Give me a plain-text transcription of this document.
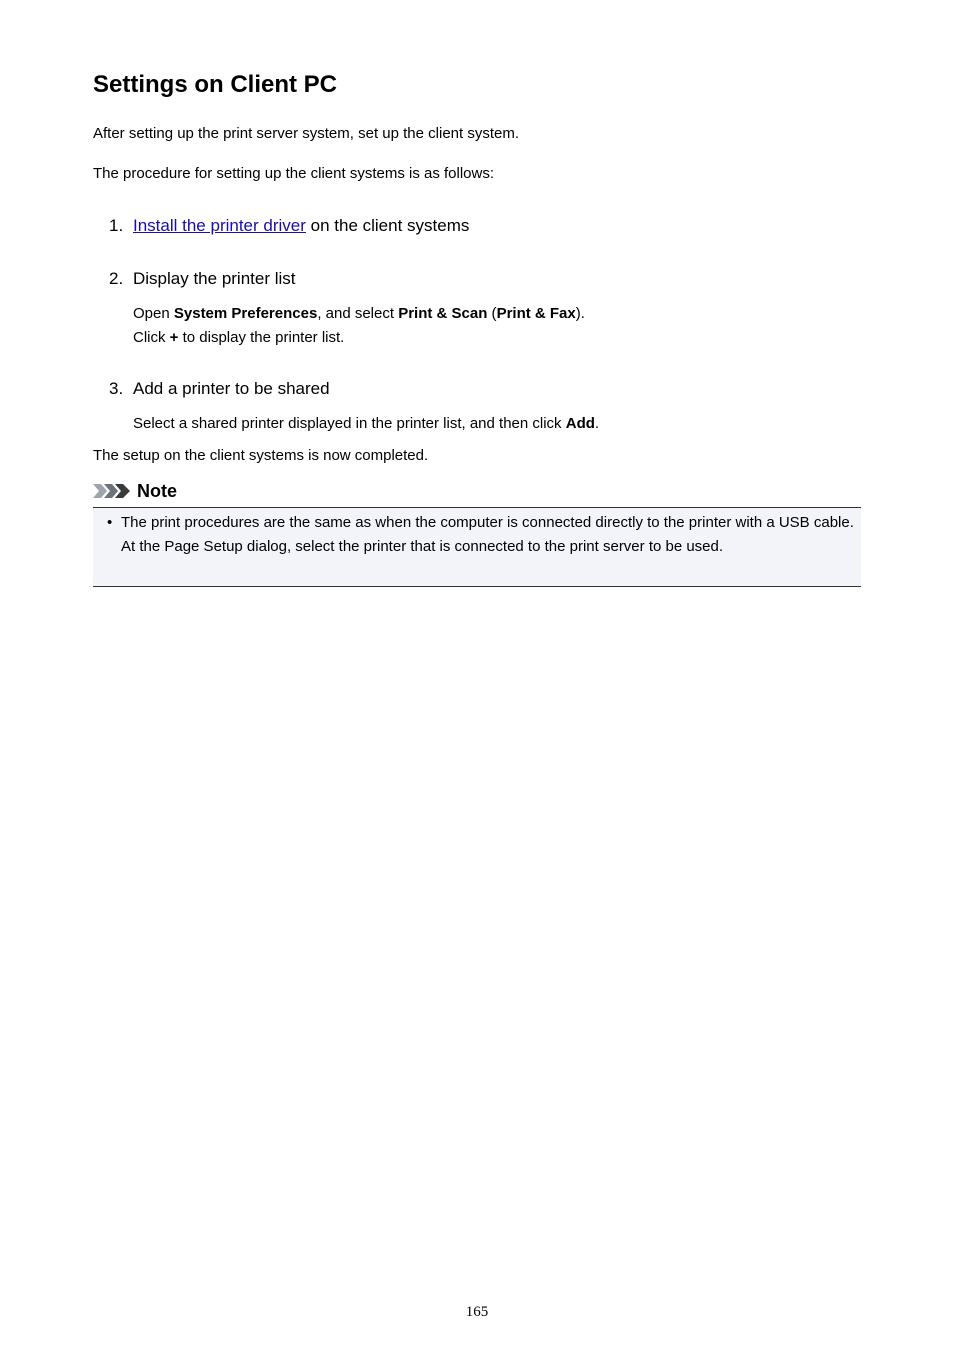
Settings on Client PC

After setting up the print server system, set up the client system.

The procedure for setting up the client systems is as follows:

1. Install the printer driver on the client systems
2. Display the printer list
Open System Preferences, and select Print & Scan (Print & Fax).
Click + to display the printer list.
3. Add a printer to be shared
Select a shared printer displayed in the printer list, and then click Add.

The setup on the client systems is now completed.

Note
• The print procedures are the same as when the computer is connected directly to the printer with a USB cable.
At the Page Setup dialog, select the printer that is connected to the print server to be used.
165
